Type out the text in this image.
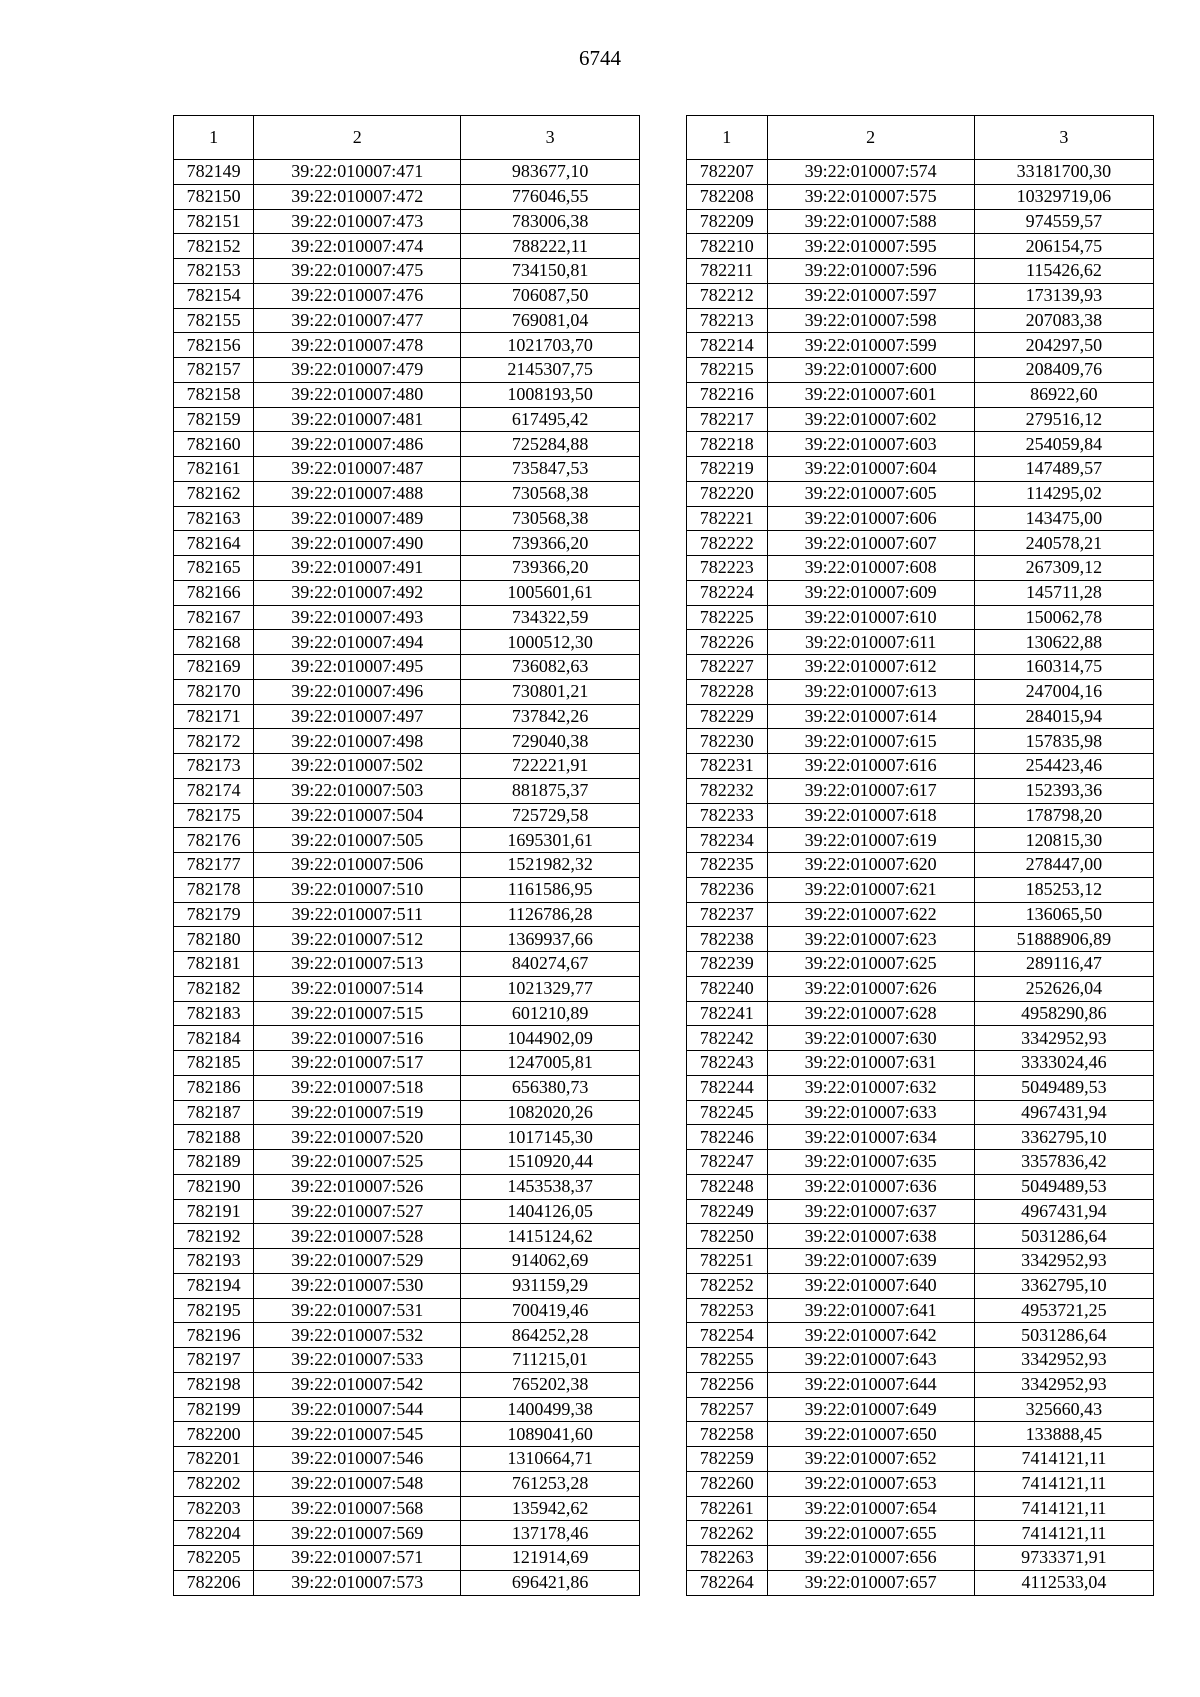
6744
1	2	3
782149	39:22:010007:471	983677,10
782150	39:22:010007:472	776046,55
782151	39:22:010007:473	783006,38
782152	39:22:010007:474	788222,11
782153	39:22:010007:475	734150,81
782154	39:22:010007:476	706087,50
782155	39:22:010007:477	769081,04
782156	39:22:010007:478	1021703,70
782157	39:22:010007:479	2145307,75
782158	39:22:010007:480	1008193,50
782159	39:22:010007:481	617495,42
782160	39:22:010007:486	725284,88
782161	39:22:010007:487	735847,53
782162	39:22:010007:488	730568,38
782163	39:22:010007:489	730568,38
782164	39:22:010007:490	739366,20
782165	39:22:010007:491	739366,20
782166	39:22:010007:492	1005601,61
782167	39:22:010007:493	734322,59
782168	39:22:010007:494	1000512,30
782169	39:22:010007:495	736082,63
782170	39:22:010007:496	730801,21
782171	39:22:010007:497	737842,26
782172	39:22:010007:498	729040,38
782173	39:22:010007:502	722221,91
782174	39:22:010007:503	881875,37
782175	39:22:010007:504	725729,58
782176	39:22:010007:505	1695301,61
782177	39:22:010007:506	1521982,32
782178	39:22:010007:510	1161586,95
782179	39:22:010007:511	1126786,28
782180	39:22:010007:512	1369937,66
782181	39:22:010007:513	840274,67
782182	39:22:010007:514	1021329,77
782183	39:22:010007:515	601210,89
782184	39:22:010007:516	1044902,09
782185	39:22:010007:517	1247005,81
782186	39:22:010007:518	656380,73
782187	39:22:010007:519	1082020,26
782188	39:22:010007:520	1017145,30
782189	39:22:010007:525	1510920,44
782190	39:22:010007:526	1453538,37
782191	39:22:010007:527	1404126,05
782192	39:22:010007:528	1415124,62
782193	39:22:010007:529	914062,69
782194	39:22:010007:530	931159,29
782195	39:22:010007:531	700419,46
782196	39:22:010007:532	864252,28
782197	39:22:010007:533	711215,01
782198	39:22:010007:542	765202,38
782199	39:22:010007:544	1400499,38
782200	39:22:010007:545	1089041,60
782201	39:22:010007:546	1310664,71
782202	39:22:010007:548	761253,28
782203	39:22:010007:568	135942,62
782204	39:22:010007:569	137178,46
782205	39:22:010007:571	121914,69
782206	39:22:010007:573	696421,86
1	2	3
782207	39:22:010007:574	33181700,30
782208	39:22:010007:575	10329719,06
782209	39:22:010007:588	974559,57
782210	39:22:010007:595	206154,75
782211	39:22:010007:596	115426,62
782212	39:22:010007:597	173139,93
782213	39:22:010007:598	207083,38
782214	39:22:010007:599	204297,50
782215	39:22:010007:600	208409,76
782216	39:22:010007:601	86922,60
782217	39:22:010007:602	279516,12
782218	39:22:010007:603	254059,84
782219	39:22:010007:604	147489,57
782220	39:22:010007:605	114295,02
782221	39:22:010007:606	143475,00
782222	39:22:010007:607	240578,21
782223	39:22:010007:608	267309,12
782224	39:22:010007:609	145711,28
782225	39:22:010007:610	150062,78
782226	39:22:010007:611	130622,88
782227	39:22:010007:612	160314,75
782228	39:22:010007:613	247004,16
782229	39:22:010007:614	284015,94
782230	39:22:010007:615	157835,98
782231	39:22:010007:616	254423,46
782232	39:22:010007:617	152393,36
782233	39:22:010007:618	178798,20
782234	39:22:010007:619	120815,30
782235	39:22:010007:620	278447,00
782236	39:22:010007:621	185253,12
782237	39:22:010007:622	136065,50
782238	39:22:010007:623	51888906,89
782239	39:22:010007:625	289116,47
782240	39:22:010007:626	252626,04
782241	39:22:010007:628	4958290,86
782242	39:22:010007:630	3342952,93
782243	39:22:010007:631	3333024,46
782244	39:22:010007:632	5049489,53
782245	39:22:010007:633	4967431,94
782246	39:22:010007:634	3362795,10
782247	39:22:010007:635	3357836,42
782248	39:22:010007:636	5049489,53
782249	39:22:010007:637	4967431,94
782250	39:22:010007:638	5031286,64
782251	39:22:010007:639	3342952,93
782252	39:22:010007:640	3362795,10
782253	39:22:010007:641	4953721,25
782254	39:22:010007:642	5031286,64
782255	39:22:010007:643	3342952,93
782256	39:22:010007:644	3342952,93
782257	39:22:010007:649	325660,43
782258	39:22:010007:650	133888,45
782259	39:22:010007:652	7414121,11
782260	39:22:010007:653	7414121,11
782261	39:22:010007:654	7414121,11
782262	39:22:010007:655	7414121,11
782263	39:22:010007:656	9733371,91
782264	39:22:010007:657	4112533,04
